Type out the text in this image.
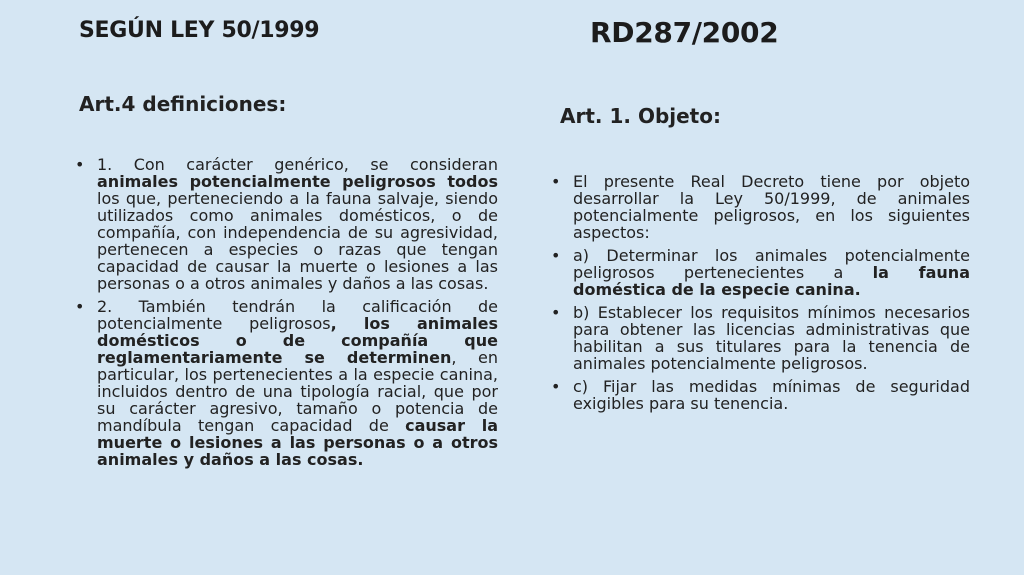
SEGÚN LEY 50/1999	RD287/2002
Art.4 definiciones:	Art. 1. Objeto:
• 1. Con carácter genérico, se consideran animales potencialmente peligrosos todos los que, perteneciendo a la fauna salvaje, siendo utilizados como animales domésticos, o de compañía, con independencia de su agresividad, pertenecen a especies o razas que tengan capacidad de causar la muerte o lesiones a las personas o a otros animales y daños a las cosas.
• 2. También tendrán la calificación de potencialmente peligrosos, los animales domésticos o de compañía que reglamentariamente se determinen, en particular, los pertenecientes a la especie canina, incluidos dentro de una tipología racial, que por su carácter agresivo, tamaño o potencia de mandíbula tengan capacidad de causar la muerte o lesiones a las personas o a otros animales y daños a las cosas.
• El presente Real Decreto tiene por objeto desarrollar la Ley 50/1999, de animales potencialmente peligrosos, en los siguientes aspectos:
• a) Determinar los animales potencialmente peligrosos pertenecientes a la fauna doméstica de la especie canina.
• b) Establecer los requisitos mínimos necesarios para obtener las licencias administrativas que habilitan a sus titulares para la tenencia de animales potencialmente peligrosos.
• c) Fijar las medidas mínimas de seguridad exigibles para su tenencia.
